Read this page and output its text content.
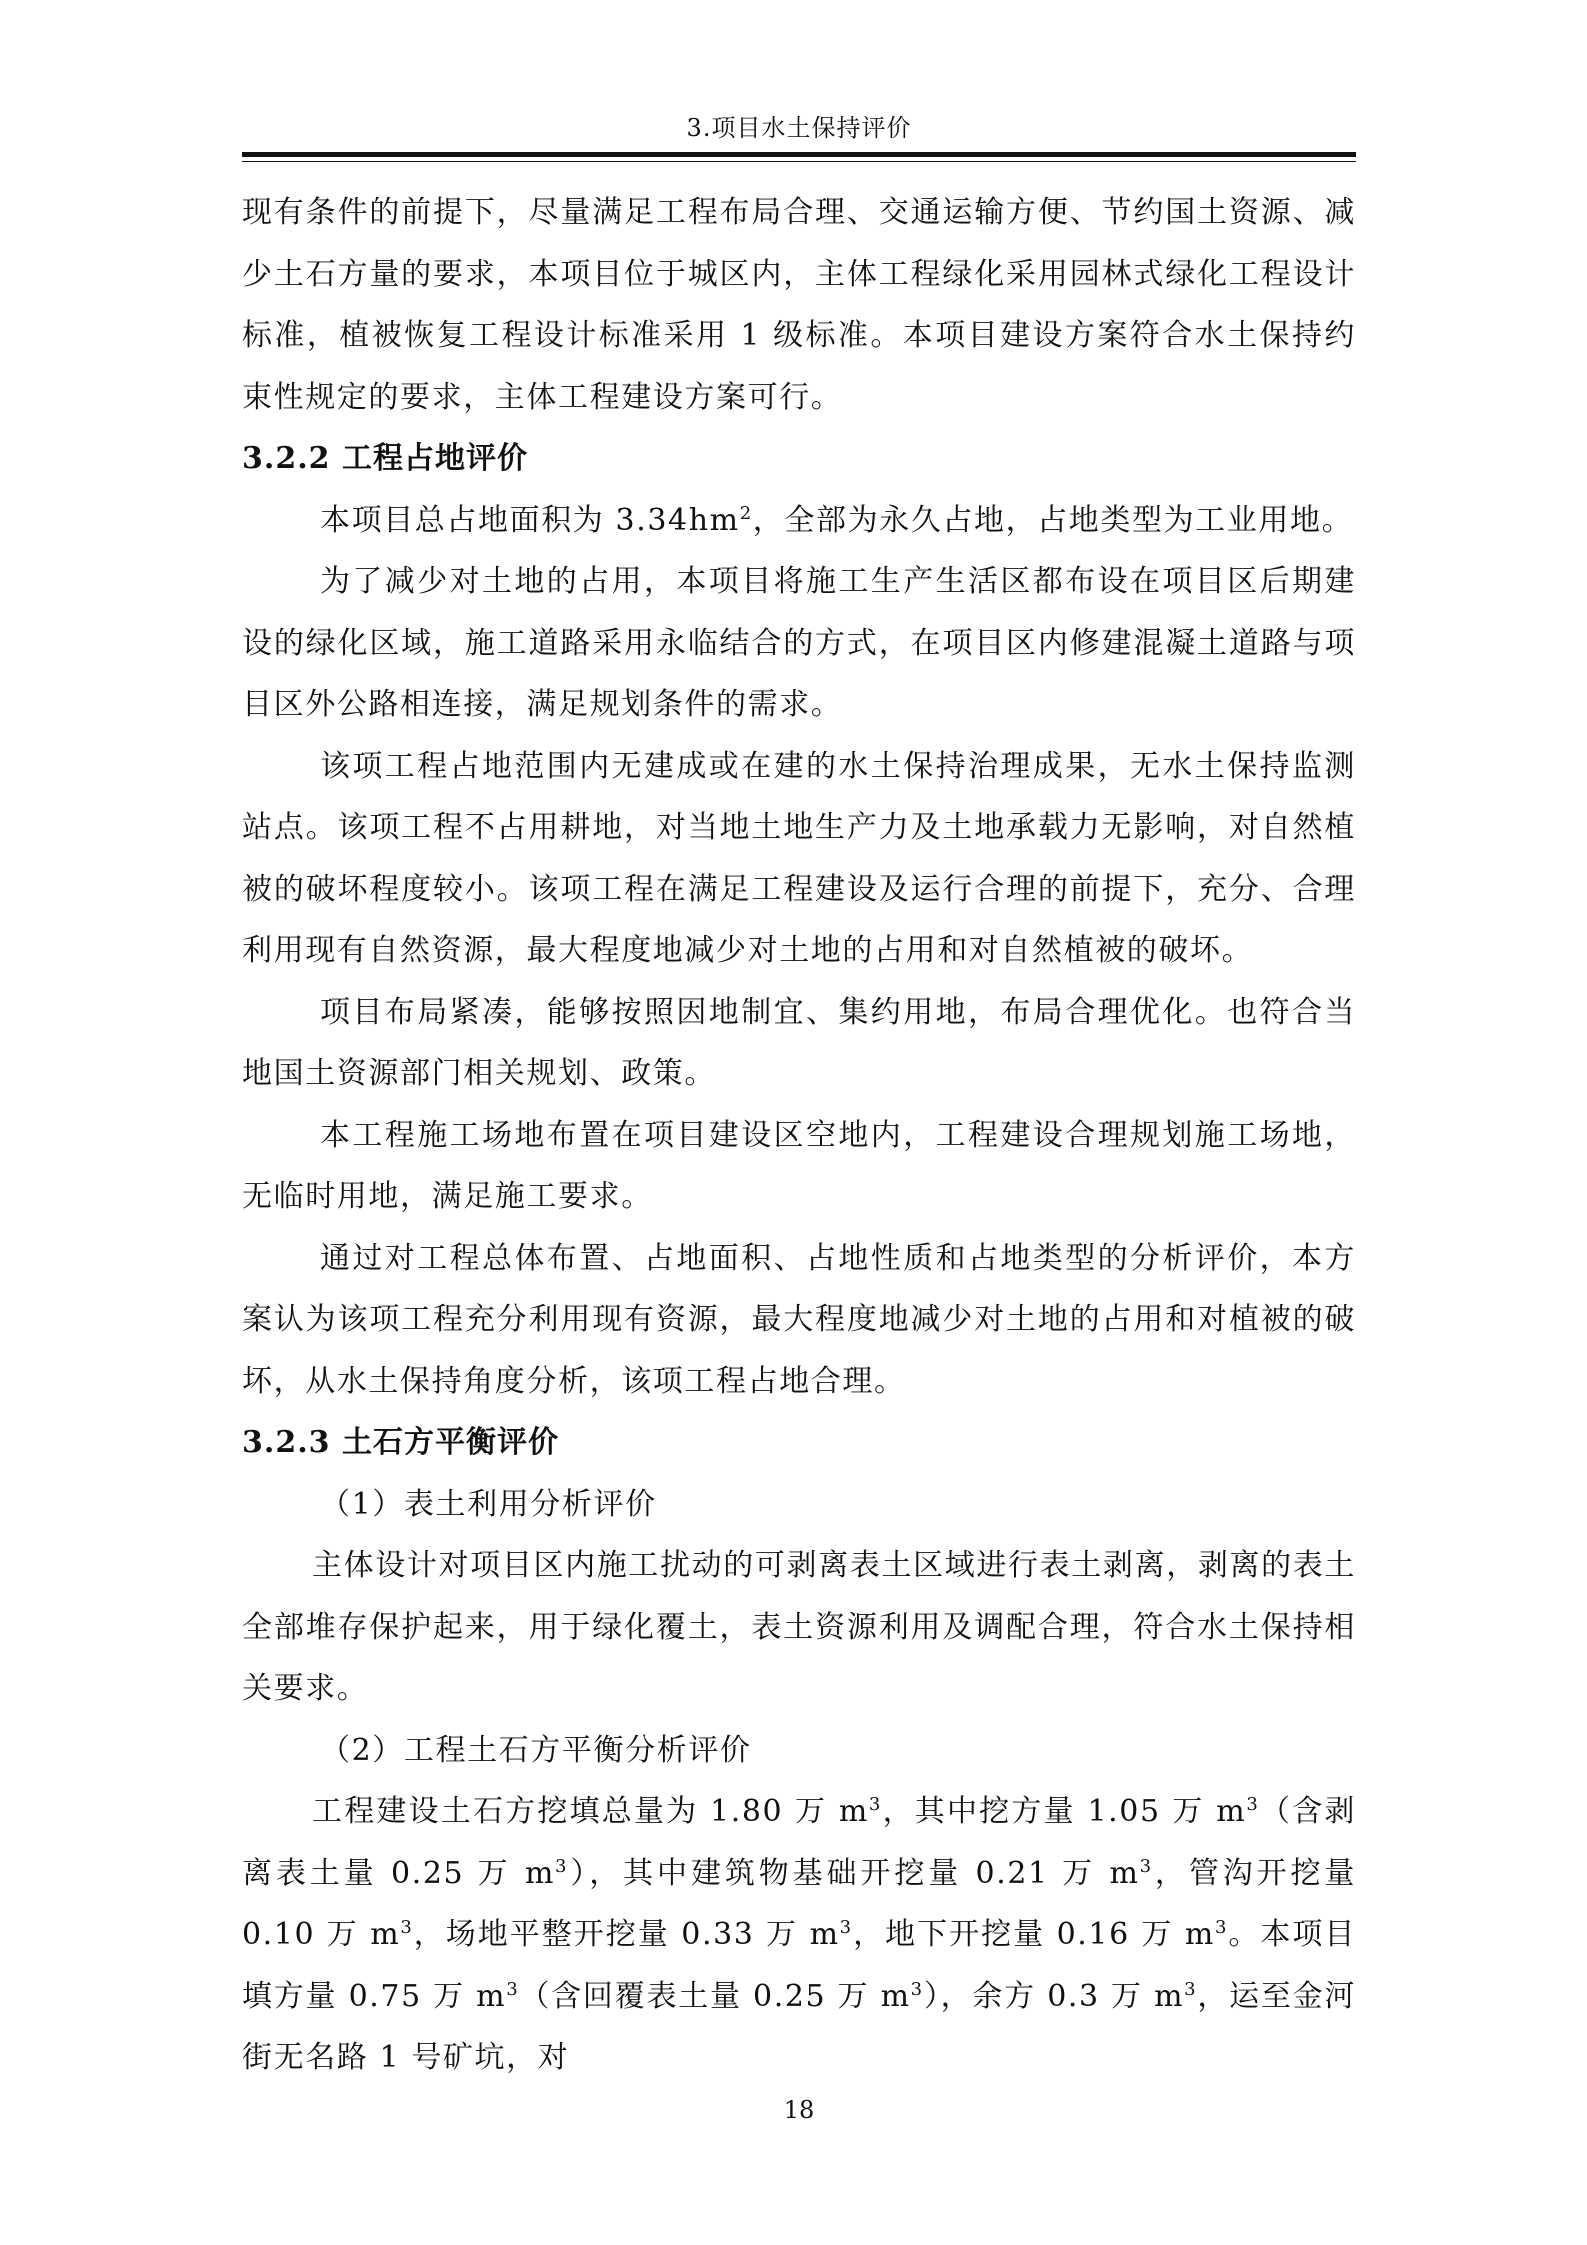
3.项目水土保持评价

现有条件的前提下，尽量满足工程布局合理、交通运输方便、节约国土资源、减少土石方量的要求，本项目位于城区内，主体工程绿化采用园林式绿化工程设计标准，植被恢复工程设计标准采用 1 级标准。本项目建设方案符合水土保持约束性规定的要求，主体工程建设方案可行。

3.2.2 工程占地评价

本项目总占地面积为 $3.34hm^2$，全部为永久占地，占地类型为工业用地。

为了减少对土地的占用，本项目将施工生产生活区都布设在项目区后期建设的绿化区域，施工道路采用永临结合的方式，在项目区内修建混凝土道路与项目区外公路相连接，满足规划条件的需求。

该项工程占地范围内无建成或在建的水土保持治理成果，无水土保持监测站点。该项工程不占用耕地，对当地土地生产力及土地承载力无影响，对自然植被的破坏程度较小。该项工程在满足工程建设及运行合理的前提下，充分、合理利用现有自然资源，最大程度地减少对土地的占用和对自然植被的破坏。

项目布局紧凑，能够按照因地制宜、集约用地，布局合理优化。也符合当地国土资源部门相关规划、政策。

本工程施工场地布置在项目建设区空地内，工程建设合理规划施工场地，无临时用地，满足施工要求。

通过对工程总体布置、占地面积、占地性质和占地类型的分析评价，本方案认为该项工程充分利用现有资源，最大程度地减少对土地的占用和对植被的破坏，从水土保持角度分析，该项工程占地合理。

3.2.3 土石方平衡评价

（1）表土利用分析评价

主体设计对项目区内施工扰动的可剥离表土区域进行表土剥离，剥离的表土全部堆存保护起来，用于绿化覆土，表土资源利用及调配合理，符合水土保持相关要求。

（2）工程土石方平衡分析评价

工程建设土石方挖填总量为 1.80 万 $m^3$，其中挖方量 1.05 万 $m^3$（含剥离表土量 0.25 万 $m^3$），其中建筑物基础开挖量 0.21 万 $m^3$，管沟开挖量 0.10 万 $m^3$，场地平整开挖量 0.33 万 $m^3$，地下开挖量 0.16 万 $m^3$。本项目填方量 0.75 万 $m^3$（含回覆表土量 0.25 万 $m^3$），余方 0.3 万 $m^3$，运至金河街无名路 1 号矿坑，对

18
